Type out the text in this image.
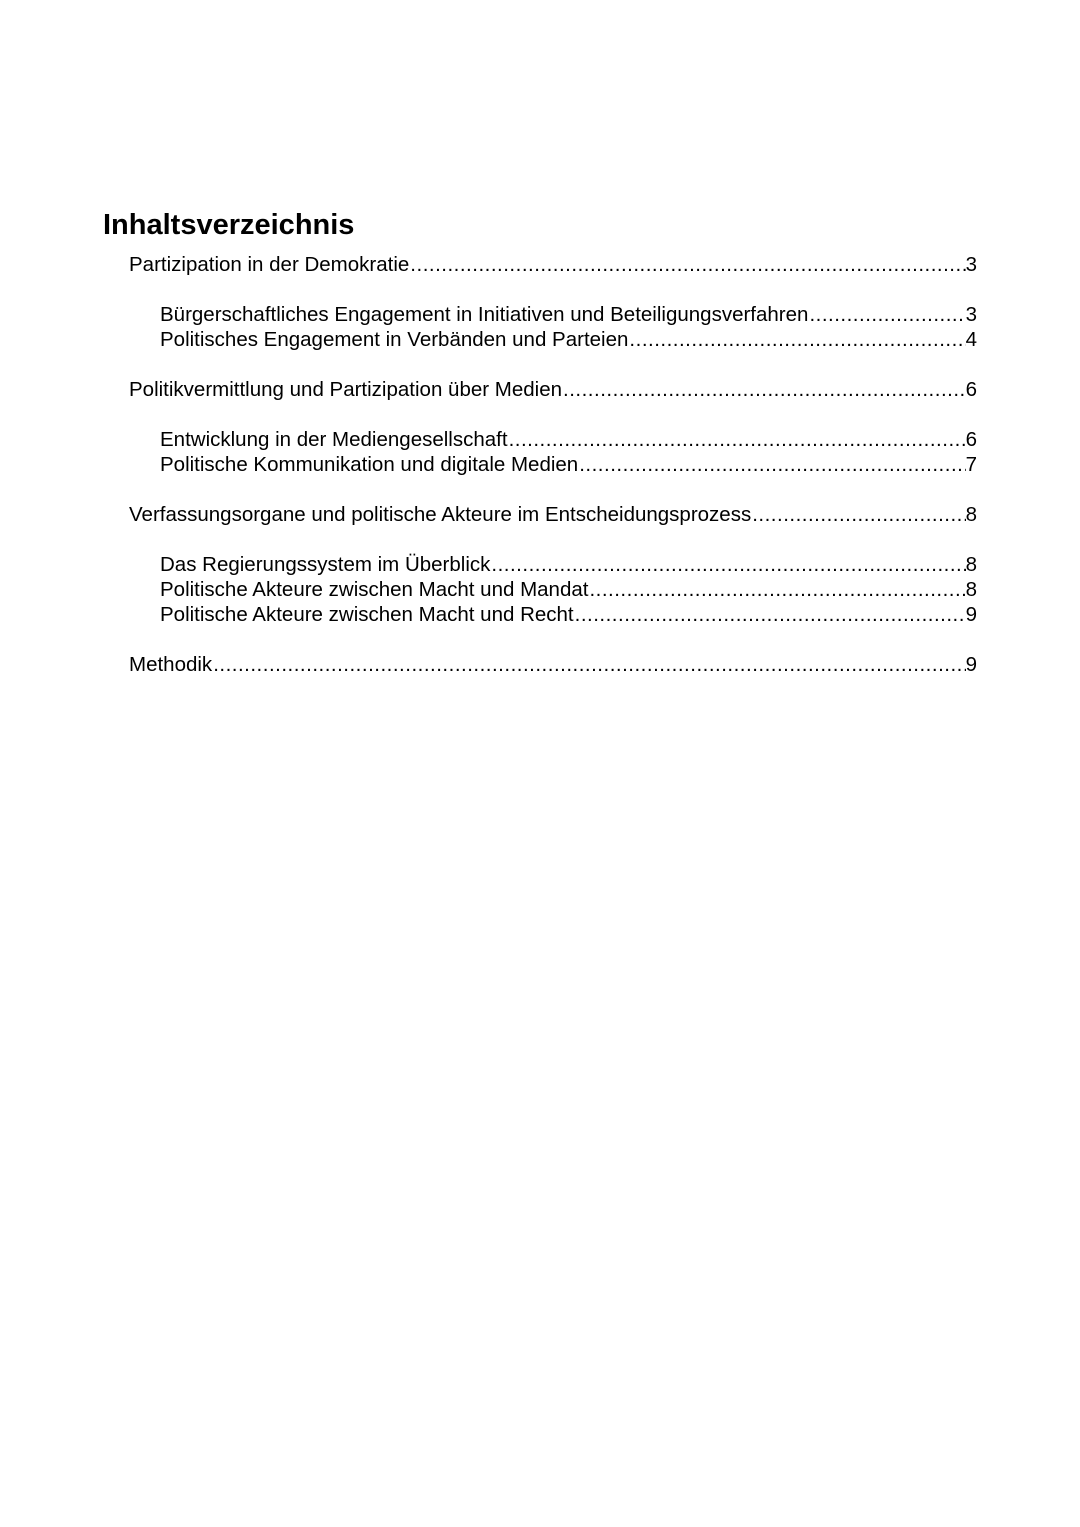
Inhaltsverzeichnis
Partizipation in der Demokratie .....	3
Bürgerschaftliches Engagement in Initiativen und Beteiligungsverfahren .....	3
Politisches Engagement in Verbänden und Parteien .....	4
Politikvermittlung und Partizipation über Medien .....	6
Entwicklung in der Mediengesellschaft .....	6
Politische Kommunikation und digitale Medien .....	7
Verfassungsorgane und politische Akteure im Entscheidungsprozess .....	8
Das Regierungssystem im Überblick .....	8
Politische Akteure zwischen Macht und Mandat .....	8
Politische Akteure zwischen Macht und Recht .....	9
Methodik .....	9
